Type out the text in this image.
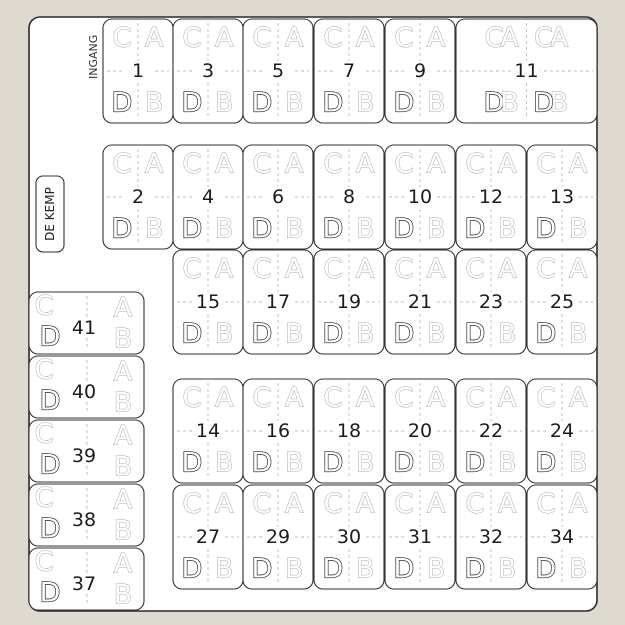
INGANG
DE KEMP
C A
D B
1
C A
D B
3
C A
D B
5
C A
D B
7
C A
D B
9
C A
D B
11
A C
B D
C A
D B
2
C A
D B
4
C A
D B
6
C A
D B
8
C A
D B
10
C A
D B
12
C A
D B
13
C A
D B
15
C A
D B
17
C A
D B
19
C A
D B
21
C A
D B
23
C A
D B
25
C A
D B
14
C A
D B
16
C A
D B
18
C A
D B
20
C A
D B
22
C A
D B
24
C A
D B
27
C A
D B
29
C A
D B
30
C A
D B
31
C A
D B
32
C A
D B
34
C
D
A
B
41
C
D
A
B
40
C
D
A
B
39
C
D
A
B
38
C
D
A
B
37
